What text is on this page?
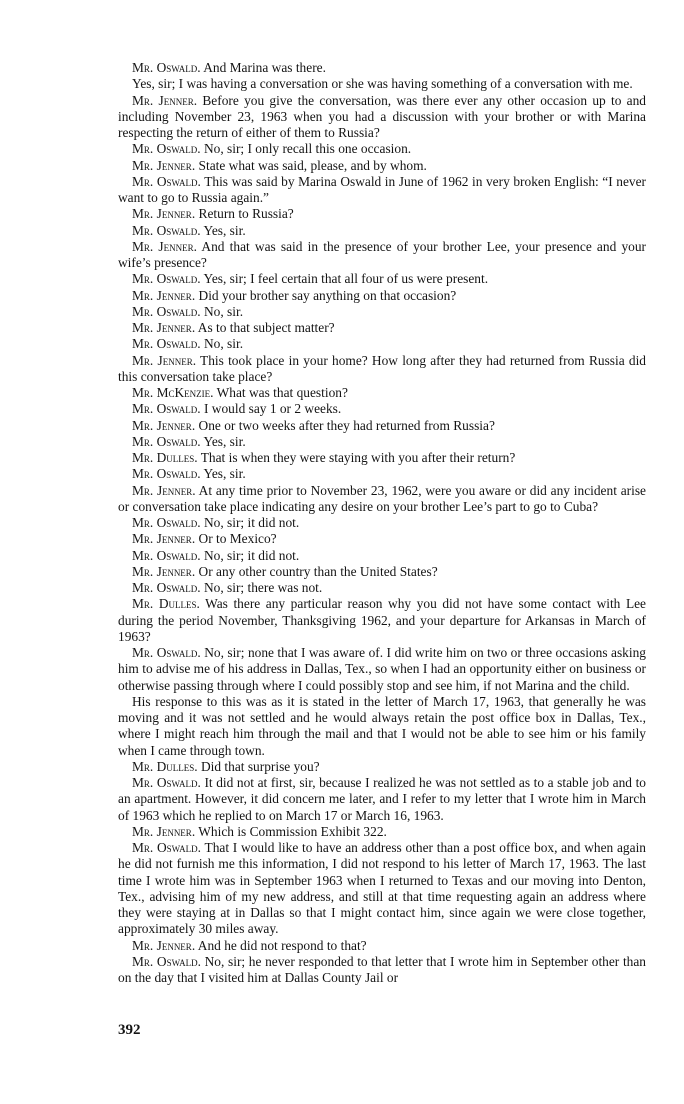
Mr. Oswald. And Marina was there.

Yes, sir; I was having a conversation or she was having something of a conversation with me.

Mr. Jenner. Before you give the conversation, was there ever any other occasion up to and including November 23, 1963 when you had a discussion with your brother or with Marina respecting the return of either of them to Russia?

Mr. Oswald. No, sir; I only recall this one occasion.

Mr. Jenner. State what was said, please, and by whom.

Mr. Oswald. This was said by Marina Oswald in June of 1962 in very broken English: “I never want to go to Russia again.”

Mr. Jenner. Return to Russia?

Mr. Oswald. Yes, sir.

Mr. Jenner. And that was said in the presence of your brother Lee, your presence and your wife’s presence?

Mr. Oswald. Yes, sir; I feel certain that all four of us were present.

Mr. Jenner. Did your brother say anything on that occasion?

Mr. Oswald. No, sir.

Mr. Jenner. As to that subject matter?

Mr. Oswald. No, sir.

Mr. Jenner. This took place in your home? How long after they had returned from Russia did this conversation take place?

Mr. McKenzie. What was that question?

Mr. Oswald. I would say 1 or 2 weeks.

Mr. Jenner. One or two weeks after they had returned from Russia?

Mr. Oswald. Yes, sir.

Mr. Dulles. That is when they were staying with you after their return?

Mr. Oswald. Yes, sir.

Mr. Jenner. At any time prior to November 23, 1962, were you aware or did any incident arise or conversation take place indicating any desire on your brother Lee’s part to go to Cuba?

Mr. Oswald. No, sir; it did not.

Mr. Jenner. Or to Mexico?

Mr. Oswald. No, sir; it did not.

Mr. Jenner. Or any other country than the United States?

Mr. Oswald. No, sir; there was not.

Mr. Dulles. Was there any particular reason why you did not have some contact with Lee during the period November, Thanksgiving 1962, and your departure for Arkansas in March of 1963?

Mr. Oswald. No, sir; none that I was aware of. I did write him on two or three occasions asking him to advise me of his address in Dallas, Tex., so when I had an opportunity either on business or otherwise passing through where I could possibly stop and see him, if not Marina and the child.

His response to this was as it is stated in the letter of March 17, 1963, that generally he was moving and it was not settled and he would always retain the post office box in Dallas, Tex., where I might reach him through the mail and that I would not be able to see him or his family when I came through town.

Mr. Dulles. Did that surprise you?

Mr. Oswald. It did not at first, sir, because I realized he was not settled as to a stable job and to an apartment. However, it did concern me later, and I refer to my letter that I wrote him in March of 1963 which he replied to on March 17 or March 16, 1963.

Mr. Jenner. Which is Commission Exhibit 322.

Mr. Oswald. That I would like to have an address other than a post office box, and when again he did not furnish me this information, I did not respond to his letter of March 17, 1963. The last time I wrote him was in September 1963 when I returned to Texas and our moving into Denton, Tex., advising him of my new address, and still at that time requesting again an address where they were staying at in Dallas so that I might contact him, since again we were close together, approximately 30 miles away.

Mr. Jenner. And he did not respond to that?

Mr. Oswald. No, sir; he never responded to that letter that I wrote him in September other than on the day that I visited him at Dallas County Jail or

392
